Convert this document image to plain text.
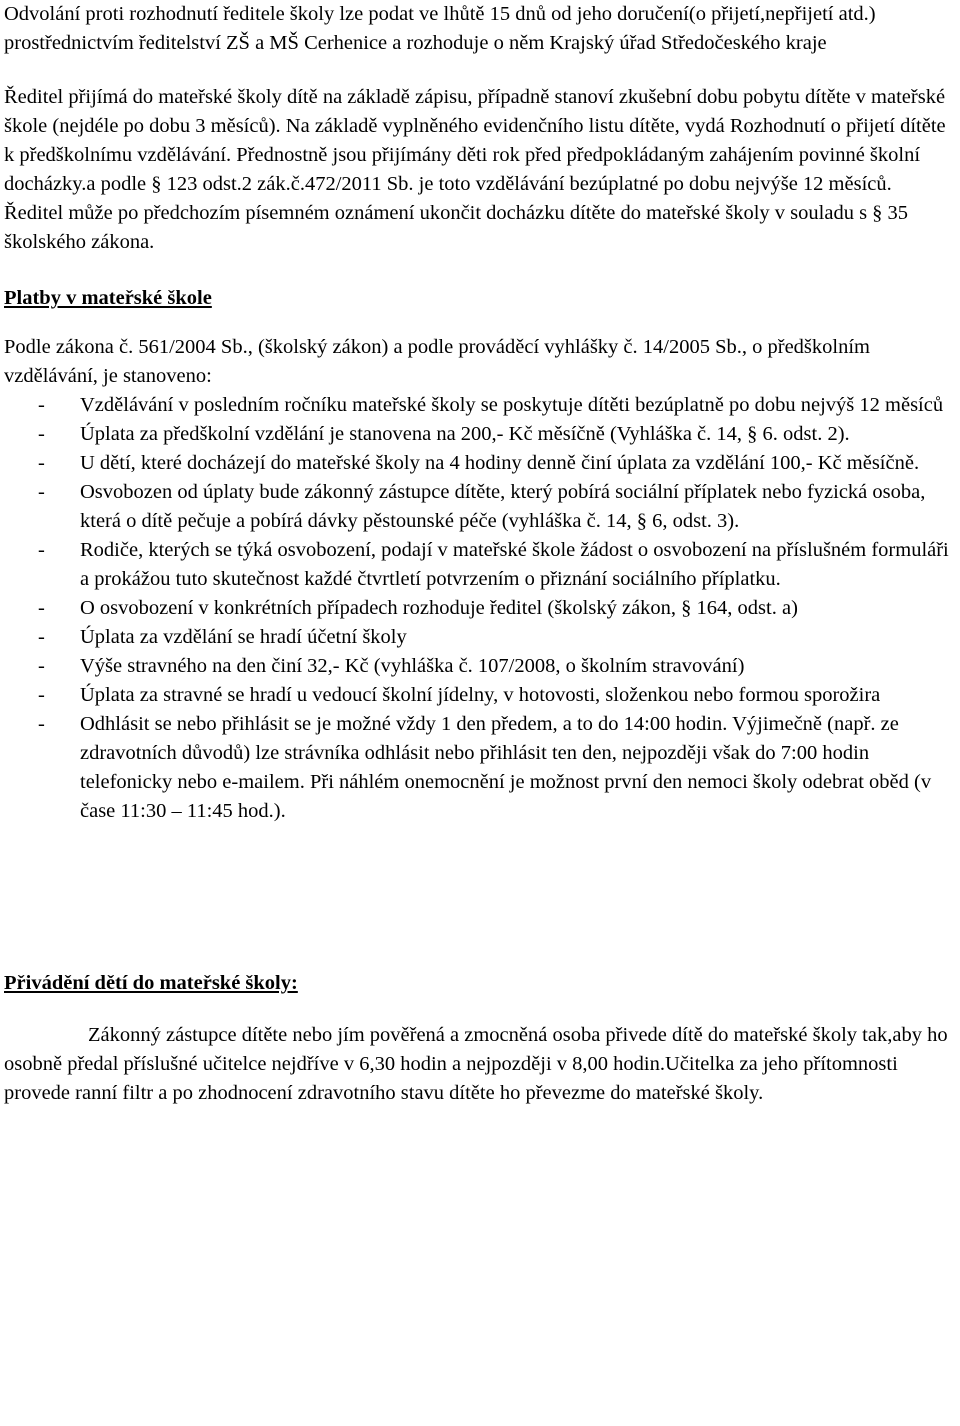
Odvolání proti rozhodnutí ředitele školy lze podat ve lhůtě 15 dnů od jeho doručení(o přijetí,nepřijetí atd.) prostřednictvím ředitelství ZŠ a MŠ Cerhenice a rozhoduje o něm Krajský úřad Středočeského kraje

Ředitel přijímá do mateřské školy dítě na základě zápisu, případně stanoví zkušební dobu pobytu dítěte v mateřské škole (nejdéle po dobu 3 měsíců). Na základě vyplněného evidenčního listu dítěte, vydá Rozhodnutí o přijetí dítěte k předškolnímu vzdělávání. Přednostně jsou přijímány děti rok před předpokládaným zahájením povinné školní docházky.a podle § 123 odst.2 zák.č.472/2011 Sb. je toto vzdělávání bezúplatné po dobu nejvýše 12 měsíců. Ředitel může po předchozím písemném oznámení ukončit docházku dítěte do mateřské školy v souladu s § 35 školského zákona.

Platby v mateřské škole

Podle zákona č. 561/2004 Sb., (školský zákon) a podle prováděcí vyhlášky č. 14/2005 Sb., o předškolním vzdělávání, je stanoveno:

- Vzdělávání v posledním ročníku mateřské školy se poskytuje dítěti bezúplatně po dobu nejvýš 12 měsíců
- Úplata za předškolní vzdělání je stanovena na 200,- Kč měsíčně (Vyhláška č. 14, § 6. odst. 2).
- U dětí, které docházejí do mateřské školy na 4 hodiny denně činí úplata za vzdělání 100,- Kč měsíčně.
- Osvobozen od úplaty bude zákonný zástupce dítěte, který pobírá sociální příplatek nebo fyzická osoba, která o dítě pečuje a pobírá dávky pěstounské péče (vyhláška č. 14, § 6, odst. 3).
- Rodiče, kterých se týká osvobození, podají v mateřské škole žádost o osvobození na příslušném formuláři a prokážou tuto skutečnost každé čtvrtletí potvrzením o přiznání sociálního příplatku.
- O osvobození v konkrétních případech rozhoduje ředitel (školský zákon, § 164, odst. a)
- Úplata za vzdělání se hradí účetní školy
- Výše stravného na den činí 32,- Kč (vyhláška č. 107/2008, o školním stravování)
- Úplata za stravné se hradí u vedoucí školní jídelny, v hotovosti, složenkou nebo formou sporožira
- Odhlásit se nebo přihlásit se je možné vždy 1 den předem, a to do 14:00 hodin. Výjimečně (např. ze zdravotních důvodů) lze strávníka odhlásit nebo přihlásit ten den, nejpozději však do 7:00 hodin telefonicky nebo e-mailem. Při náhlém onemocnění je možnost první den nemoci školy odebrat oběd (v čase 11:30 – 11:45 hod.).
Přivádění dětí do mateřské školy:

Zákonný zástupce dítěte nebo jím pověřená a zmocněná osoba přivede dítě do mateřské školy tak,aby ho osobně předal příslušné učitelce nejdříve v 6,30 hodin a nejpozději v 8,00 hodin.Učitelka za jeho přítomnosti provede ranní filtr a po zhodnocení zdravotního stavu dítěte ho převezme do mateřské školy.
